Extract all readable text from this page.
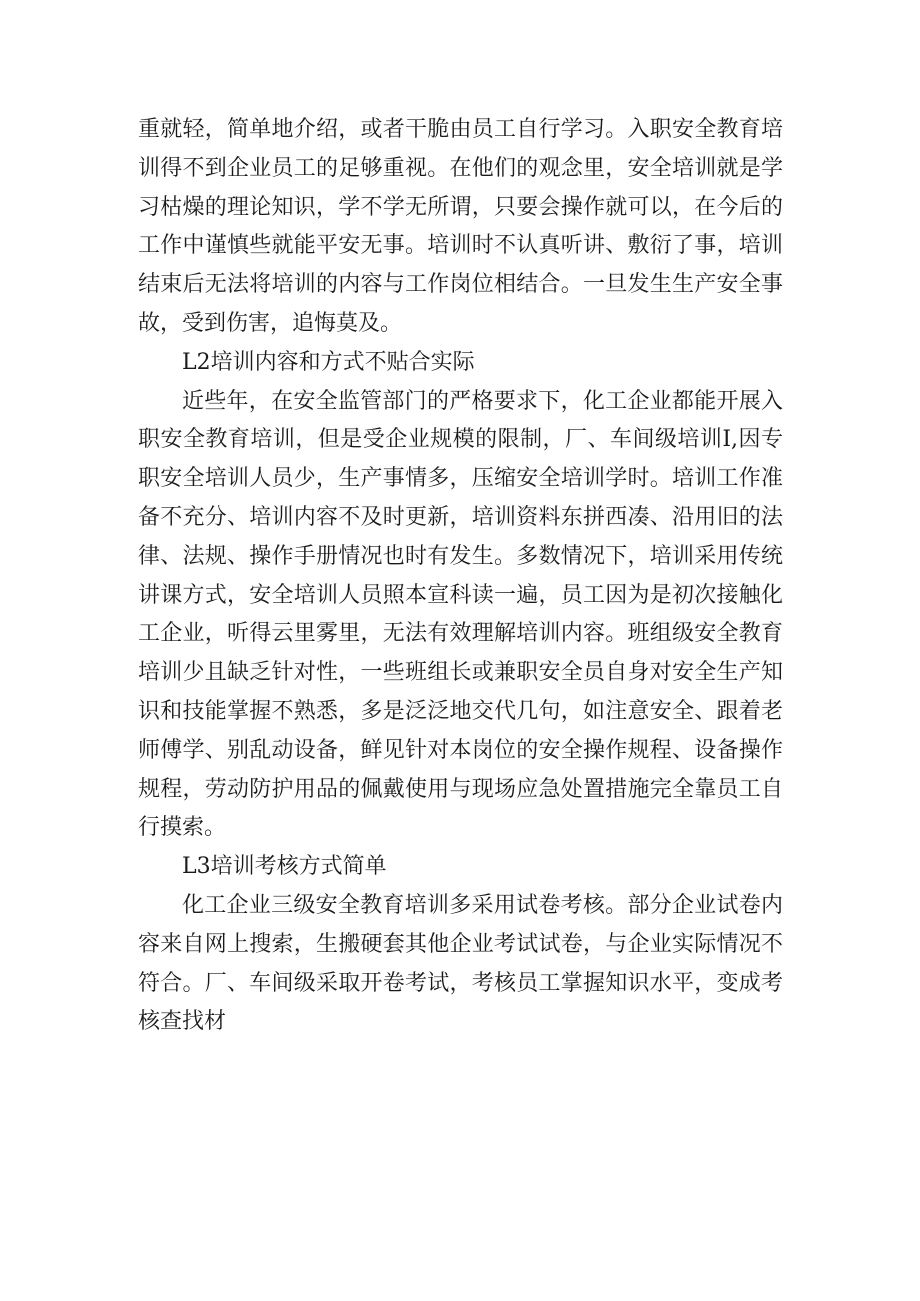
重就轻，简单地介绍，或者干脆由员工自行学习。入职安全教育培训得不到企业员工的足够重视。在他们的观念里，安全培训就是学习枯燥的理论知识，学不学无所谓，只要会操作就可以，在今后的工作中谨慎些就能平安无事。培训时不认真听讲、敷衍了事，培训结束后无法将培训的内容与工作岗位相结合。一旦发生生产安全事故，受到伤害，追悔莫及。

L2培训内容和方式不贴合实际

近些年，在安全监管部门的严格要求下，化工企业都能开展入职安全教育培训，但是受企业规模的限制，厂、车间级培训I,因专职安全培训人员少，生产事情多，压缩安全培训学时。培训工作准备不充分、培训内容不及时更新，培训资料东拼西凑、沿用旧的法律、法规、操作手册情况也时有发生。多数情况下，培训采用传统讲课方式，安全培训人员照本宣科读一遍，员工因为是初次接触化工企业，听得云里雾里，无法有效理解培训内容。班组级安全教育培训少且缺乏针对性，一些班组长或兼职安全员自身对安全生产知识和技能掌握不熟悉，多是泛泛地交代几句，如注意安全、跟着老师傅学、别乱动设备，鲜见针对本岗位的安全操作规程、设备操作规程，劳动防护用品的佩戴使用与现场应急处置措施完全靠员工自行摸索。

L3培训考核方式简单

化工企业三级安全教育培训多采用试卷考核。部分企业试卷内容来自网上搜索，生搬硬套其他企业考试试卷，与企业实际情况不符合。厂、车间级采取开卷考试，考核员工掌握知识水平，变成考核查找材
